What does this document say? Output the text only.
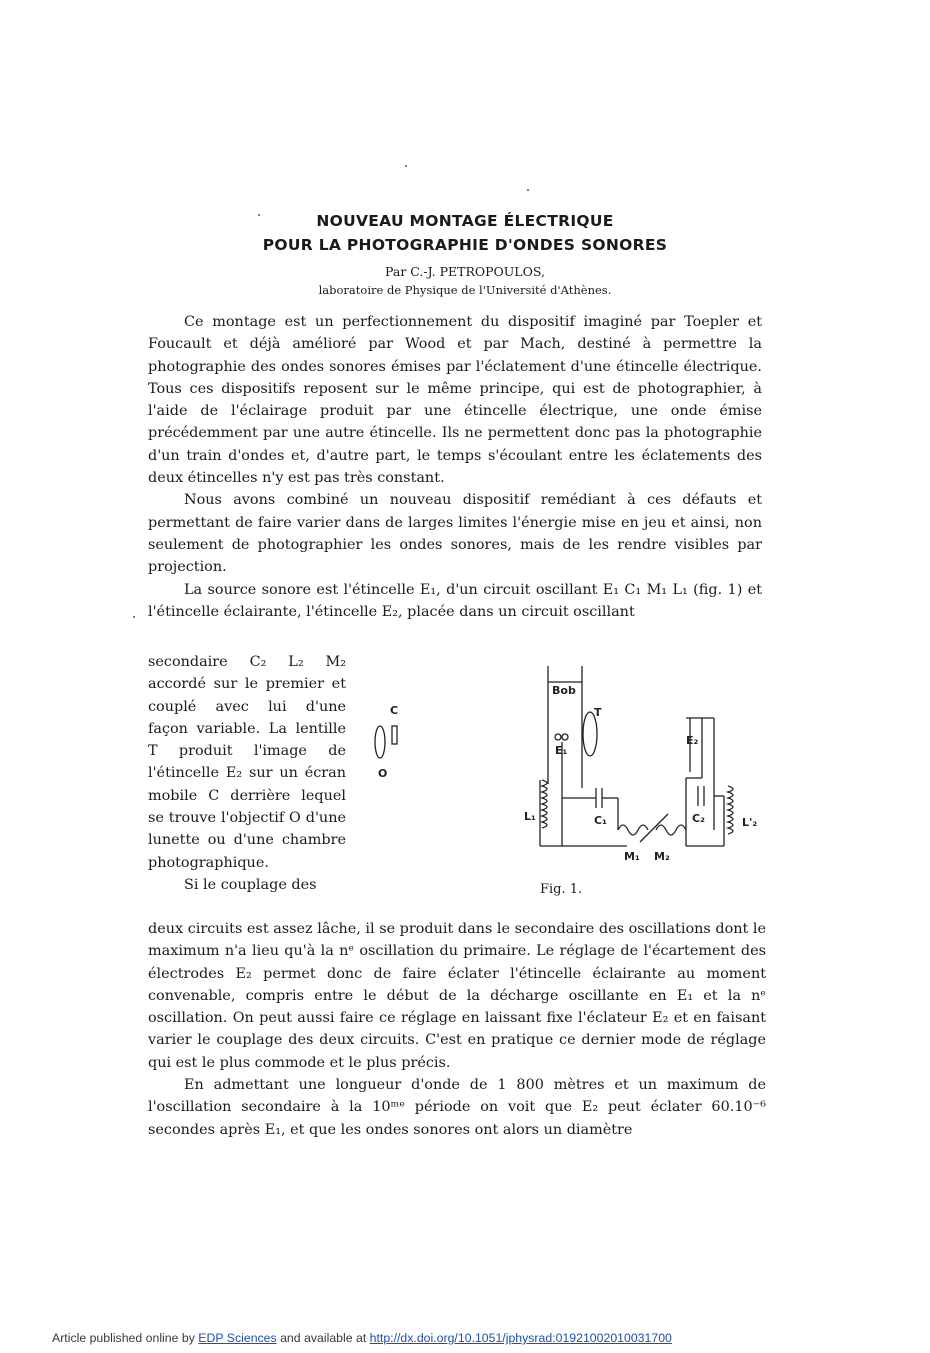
NOUVEAU MONTAGE ÉLECTRIQUE
POUR LA PHOTOGRAPHIE D'ONDES SONORES
Par C.-J. PETROPOULOS,
laboratoire de Physique de l'Université d'Athènes.

Ce montage est un perfectionnement du dispositif imaginé par Toepler et Foucault et déjà amélioré par Wood et par Mach, destiné à permettre la photographie des ondes sonores émises par l'éclatement d'une étincelle électrique. Tous ces dispositifs reposent sur le même principe, qui est de photographier, à l'aide de l'éclairage produit par une étincelle électrique, une onde émise précédemment par une autre étincelle. Ils ne permettent donc pas la photographie d'un train d'ondes et, d'autre part, le temps s'écoulant entre les éclatements des deux étincelles n'y est pas très constant.

Nous avons combiné un nouveau dispositif remédiant à ces défauts et permettant de faire varier dans de larges limites l'énergie mise en jeu et ainsi, non seulement de photographier les ondes sonores, mais de les rendre visibles par projection.

La source sonore est l'étincelle E₁, d'un circuit oscillant E₁ C₁ M₁ L₁ (fig. 1) et l'étincelle éclairante, l'étincelle E₂, placée dans un circuit oscillant

secondaire C₂ L₂ M₂ accordé sur le premier et couplé avec lui d'une façon variable. La lentille T produit l'image de l'étincelle E₂ sur un écran mobile C derrière lequel se trouve l'objectif O d'une lunette ou d'une chambre photographique.

Si le couplage des

deux circuits est assez lâche, il se produit dans le secondaire des oscillations dont le maximum n'a lieu qu'à la nᵉ oscillation du primaire. Le réglage de l'écartement des électrodes E₂ permet donc de faire éclater l'étincelle éclairante au moment convenable, compris entre le début de la décharge oscillante en E₁ et la nᵉ oscillation. On peut aussi faire ce réglage en laissant fixe l'éclateur E₂ et en faisant varier le couplage des deux circuits. C'est en pratique ce dernier mode de réglage qui est le plus commode et le plus précis.

En admettant une longueur d'onde de 1 800 mètres et un maximum de l'oscillation secondaire à la 10ᵐᵉ période on voit que E₂ peut éclater 60.10⁻⁶ secondes après E₁, et que les ondes sonores ont alors un diamètre

C
O
Bob
T
E₁
L₁	C₁
M₁ M₂
E₂
C₂	L'₂
Fig. 1.
Article published online by EDP Sciences and available at http://dx.doi.org/10.1051/jphysrad:01921002010031700
